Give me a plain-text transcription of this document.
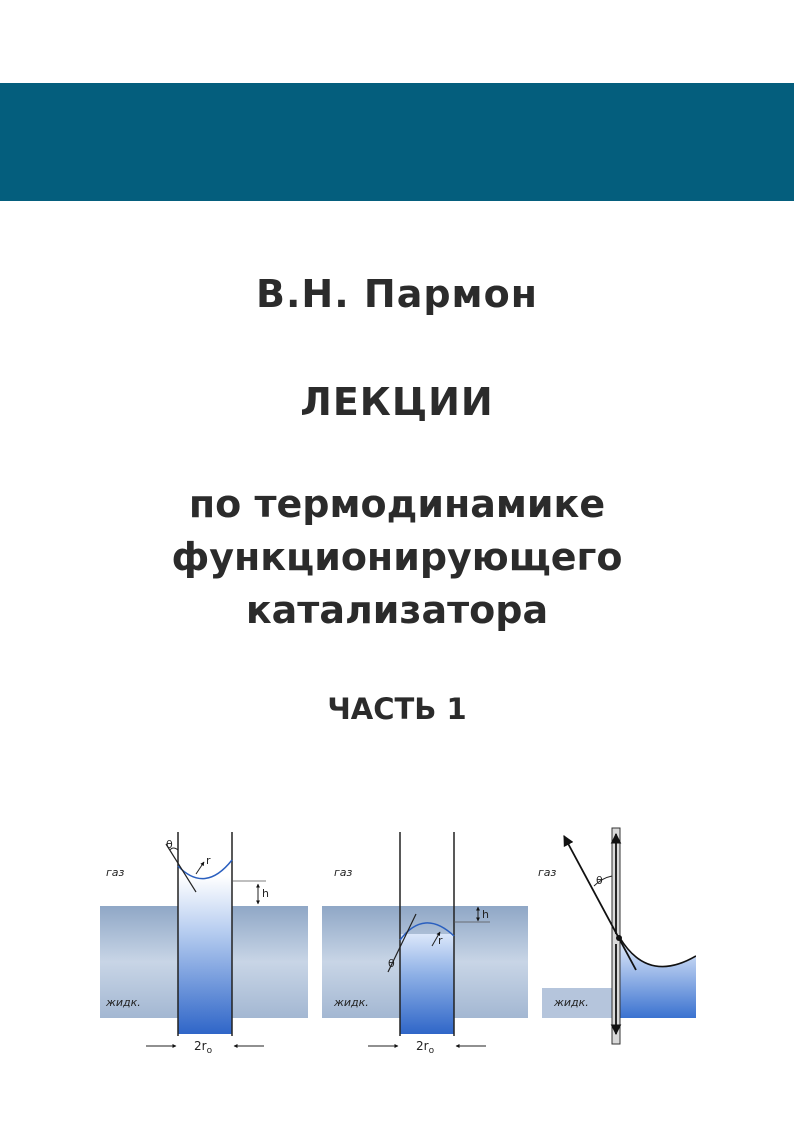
В.Н. Пармон
ЛЕКЦИИ
по термодинамике
функционирующего
катализатора
ЧАСТЬ 1
θ
r
h
газ
жидк.
$2r_o$
θ
r
h
газ
жидк.
$2r_o$
θ
газ
жидк.
